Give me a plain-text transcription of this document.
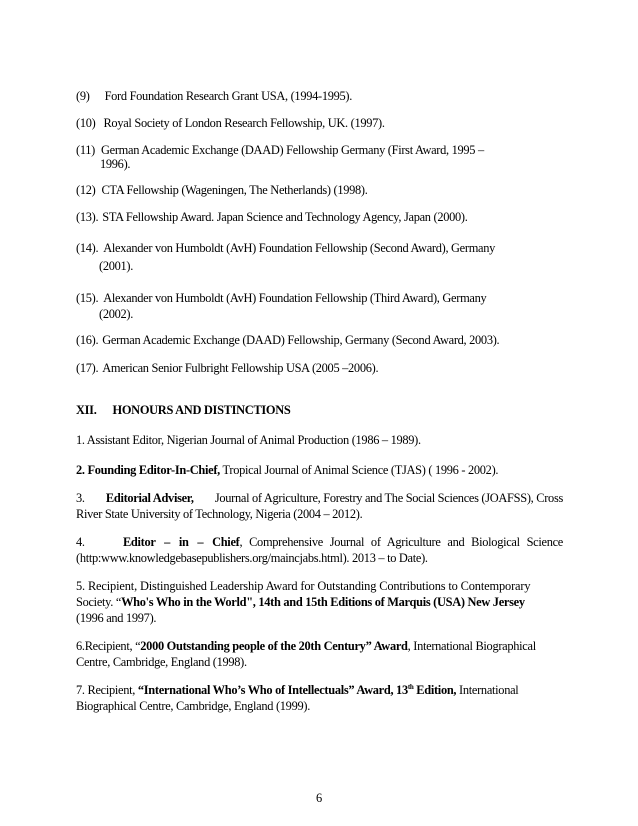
(9) Ford Foundation Research Grant USA, (1994-1995).
(10) Royal Society of London Research Fellowship, UK. (1997).
(11) German Academic Exchange (DAAD) Fellowship Germany (First Award, 1995 –
1996).
(12) CTA Fellowship (Wageningen, The Netherlands) (1998).
(13). STA Fellowship Award. Japan Science and Technology Agency, Japan (2000).
(14). Alexander von Humboldt (AvH) Foundation Fellowship (Second Award), Germany
(2001).
(15). Alexander von Humboldt (AvH) Foundation Fellowship (Third Award), Germany
(2002).
(16). German Academic Exchange (DAAD) Fellowship, Germany (Second Award, 2003).
(17). American Senior Fulbright Fellowship USA (2005 –2006).
XII. HONOURS AND DISTINCTIONS
1. Assistant Editor, Nigerian Journal of Animal Production (1986 – 1989).
2. Founding Editor-In-Chief, Tropical Journal of Animal Science (TJAS) ( 1996 - 2002).
3. Editorial Adviser, Journal of Agriculture, Forestry and The Social Sciences (JOAFSS), Cross
River State University of Technology, Nigeria (2004 – 2012).
4.	Editor – in – Chief, Comprehensive Journal of Agriculture and Biological Science
(http:www.knowledgebasepublishers.org/maincjabs.html). 2013 – to Date).
5. Recipient, Distinguished Leadership Award for Outstanding Contributions to Contemporary
Society. “Who's Who in the World", 14th and 15th Editions of Marquis (USA) New Jersey
(1996 and 1997).
6.Recipient, “2000 Outstanding people of the 20th Century” Award, International Biographical
Centre, Cambridge, England (1998).
7. Recipient, “International Who’s Who of Intellectuals” Award, 13th Edition, International
Biographical Centre, Cambridge, England (1999).
6
